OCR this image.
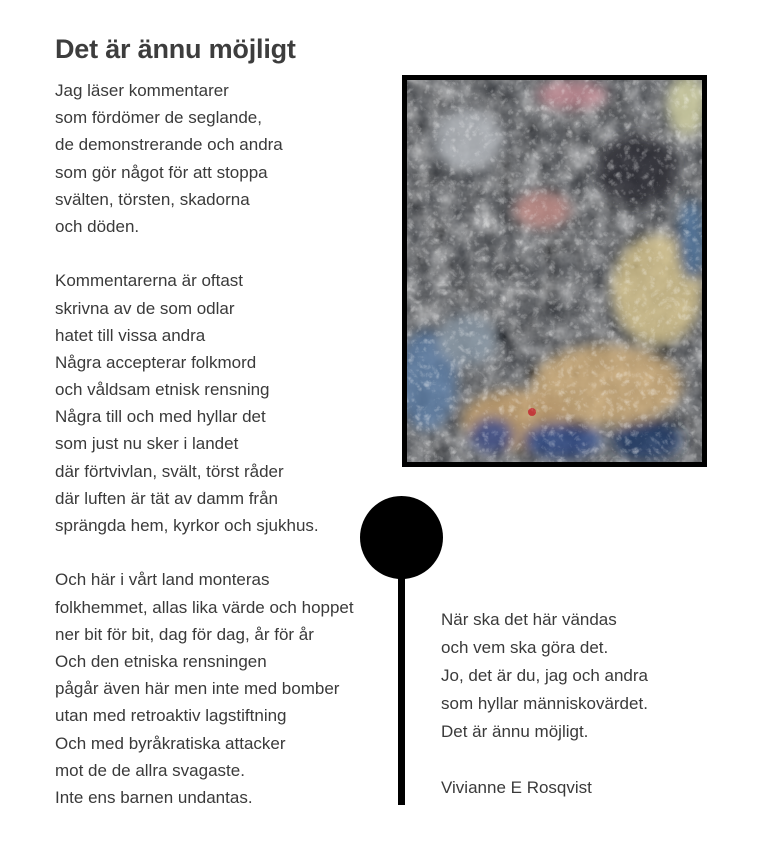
Det är ännu möjligt
Jag läser kommentarer
som fördömer de seglande,
de demonstrerande och andra
som gör något för att stoppa
svälten, törsten, skadorna
och döden.
Kommentarerna är oftast
skrivna av de som odlar
hatet till vissa andra
Några accepterar folkmord
och våldsam etnisk rensning
Några till och med hyllar det
som just nu sker i landet
där förtvivlan, svält, törst råder
där luften är tät av damm från
sprängda hem, kyrkor och sjukhus.
Och här i vårt land monteras
folkhemmet, allas lika värde och hoppet
ner bit för bit, dag för dag, år för år
Och den etniska rensningen
pågår även här men inte med bomber
utan med retroaktiv lagstiftning
Och med byråkratiska attacker
mot de de allra svagaste.
Inte ens barnen undantas.
När ska det här vändas
och vem ska göra det.
Jo, det är du, jag och andra
som hyllar människovärdet.
Det är ännu möjligt.
Vivianne E Rosqvist
